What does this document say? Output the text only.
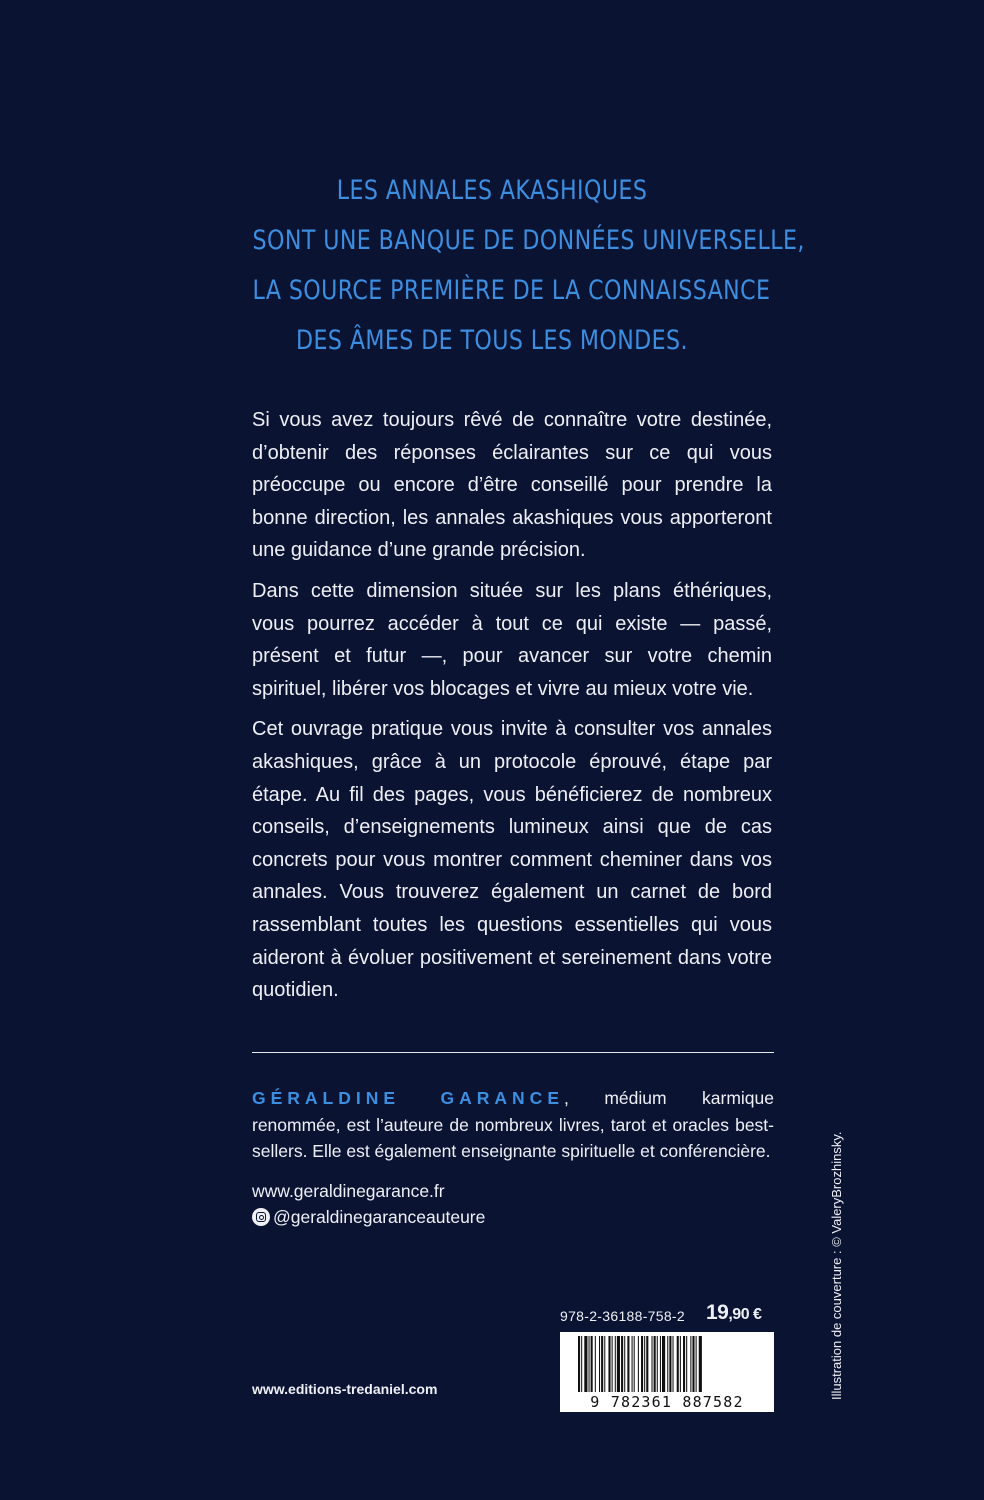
LES ANNALES AKASHIQUES
SONT UNE BANQUE DE DONNÉES UNIVERSELLE,
LA SOURCE PREMIÈRE DE LA CONNAISSANCE
DES ÂMES DE TOUS LES MONDES.

Si vous avez toujours rêvé de connaître votre destinée, d’obtenir des réponses éclairantes sur ce qui vous préoccupe ou encore d’être conseillé pour prendre la bonne direction, les annales akashiques vous apporteront une guidance d’une grande précision.

Dans cette dimension située sur les plans éthériques, vous pourrez accéder à tout ce qui existe — passé, présent et futur —, pour avancer sur votre chemin spirituel, libérer vos blocages et vivre au mieux votre vie.

Cet ouvrage pratique vous invite à consulter vos annales akashiques, grâce à un protocole éprouvé, étape par étape. Au fil des pages, vous bénéficierez de nombreux conseils, d’enseignements lumineux ainsi que de cas concrets pour vous montrer comment cheminer dans vos annales. Vous trouverez également un carnet de bord rassemblant toutes les questions essentielles qui vous aideront à évoluer positivement et sereinement dans votre quotidien.

GÉRALDINE GARANCE, médium karmique renommée, est l’auteure de nombreux livres, tarot et oracles best-sellers. Elle est également enseignante spirituelle et conférencière.
www.geraldinegarance.fr
@geraldinegaranceauteure
978-2-36188-758-2 19,90 €
9 782361 887582
www.editions-tredaniel.com	Illustration de couverture : © ValeryBrozhinsky.
